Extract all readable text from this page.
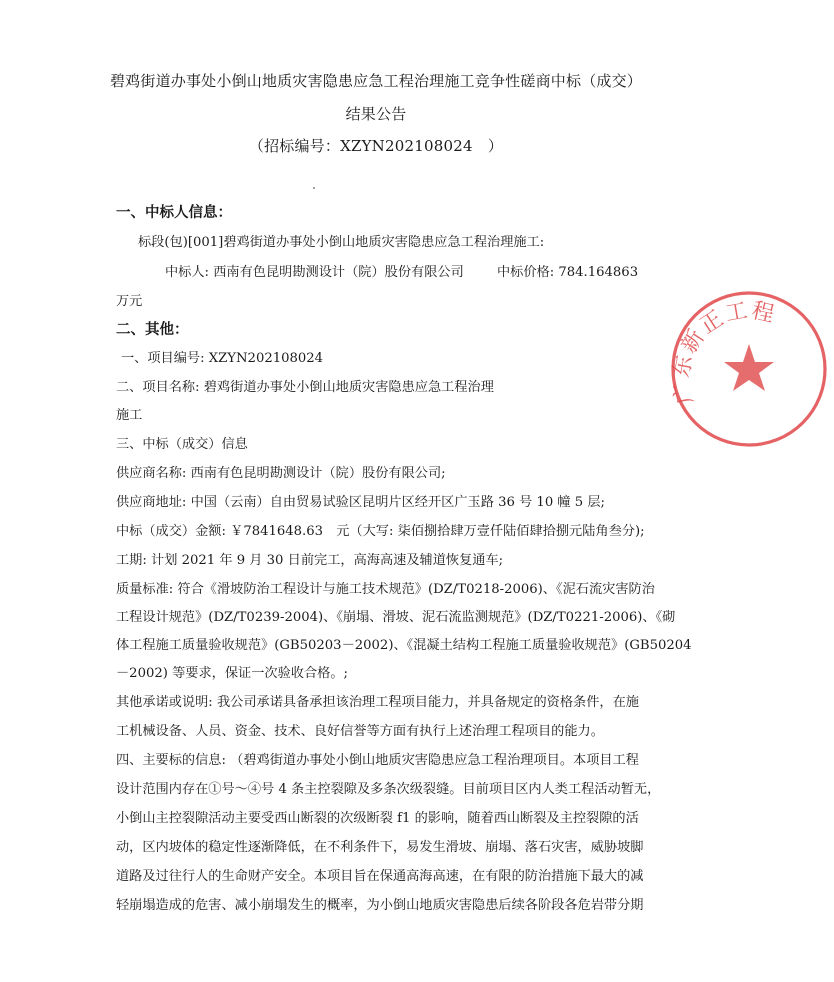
碧鸡街道办事处小倒山地质灾害隐患应急工程治理施工竞争性磋商中标（成交）
结果公告
（招标编号：XZYN202108024　）
一、中标人信息：
标段(包)[001]碧鸡街道办事处小倒山地质灾害隐患应急工程治理施工:
中标人: 西南有色昆明勘测设计（院）股份有限公司	中标价格: 784.164863
万元
二、其他：
一、项目编号: XZYN202108024
二、项目名称: 碧鸡街道办事处小倒山地质灾害隐患应急工程治理
施工
三、中标（成交）信息
供应商名称: 西南有色昆明勘测设计（院）股份有限公司;
供应商地址: 中国（云南）自由贸易试验区昆明片区经开区广玉路 36 号 10 幢 5 层;
中标（成交）金额: ￥7841648.63　元（大写: 柒佰捌拾肆万壹仟陆佰肆拾捌元陆角叁分);
工期: 计划 2021 年 9 月 30 日前完工，高海高速及辅道恢复通车;
质量标准: 符合《滑坡防治工程设计与施工技术规范》(DZ/T0218-2006)、《泥石流灾害防治
工程设计规范》(DZ/T0239-2004)、《崩塌、滑坡、泥石流监测规范》(DZ/T0221-2006)、《砌
体工程施工质量验收规范》(GB50203－2002)、《混凝土结构工程施工质量验收规范》(GB50204
－2002) 等要求，保证一次验收合格。;
其他承诺或说明: 我公司承诺具备承担该治理工程项目能力，并具备规定的资格条件，在施
工机械设备、人员、资金、技术、良好信誉等方面有执行上述治理工程项目的能力。
四、主要标的信息: （碧鸡街道办事处小倒山地质灾害隐患应急工程治理项目。本项目工程
设计范围内存在①号～④号 4 条主控裂隙及多条次级裂缝。目前项目区内人类工程活动暂无，
小倒山主控裂隙活动主要受西山断裂的次级断裂 f1 的影响，随着西山断裂及主控裂隙的活
动，区内坡体的稳定性逐渐降低，在不利条件下，易发生滑坡、崩塌、落石灾害，威胁坡脚
道路及过往行人的生命财产安全。本项目旨在保通高海高速，在有限的防治措施下最大的减
轻崩塌造成的危害、减小崩塌发生的概率，为小倒山地质灾害隐患后续各阶段各危岩带分期
广东新正工程
